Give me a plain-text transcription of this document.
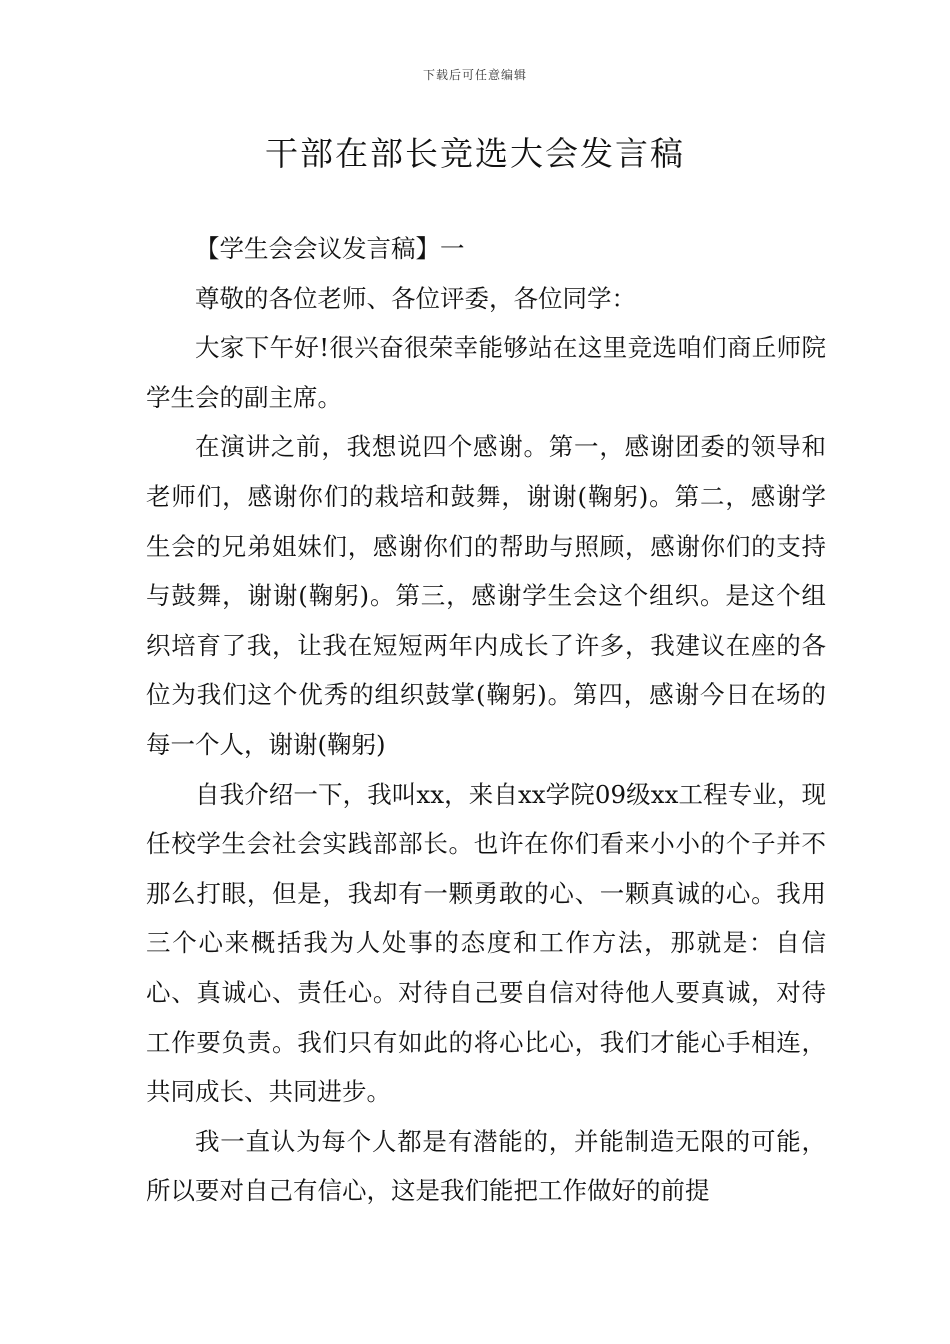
下载后可任意编辑
干部在部长竞选大会发言稿

【学生会会议发言稿】一

尊敬的各位老师、各位评委，各位同学：

大家下午好!很兴奋很荣幸能够站在这里竞选咱们商丘师院学生会的副主席。

在演讲之前，我想说四个感谢。第一，感谢团委的领导和老师们，感谢你们的栽培和鼓舞，谢谢(鞠躬)。第二，感谢学生会的兄弟姐妹们，感谢你们的帮助与照顾，感谢你们的支持与鼓舞，谢谢(鞠躬)。第三，感谢学生会这个组织。是这个组织培育了我，让我在短短两年内成长了许多，我建议在座的各位为我们这个优秀的组织鼓掌(鞠躬)。第四，感谢今日在场的每一个人，谢谢(鞠躬)

自我介绍一下，我叫xx，来自xx学院09级xx工程专业，现任校学生会社会实践部部长。也许在你们看来小小的个子并不那么打眼，但是，我却有一颗勇敢的心、一颗真诚的心。我用三个心来概括我为人处事的态度和工作方法，那就是：自信心、真诚心、责任心。对待自己要自信对待他人要真诚，对待工作要负责。我们只有如此的将心比心，我们才能心手相连，共同成长、共同进步。

我一直认为每个人都是有潜能的，并能制造无限的可能，所以要对自己有信心，这是我们能把工作做好的前提
